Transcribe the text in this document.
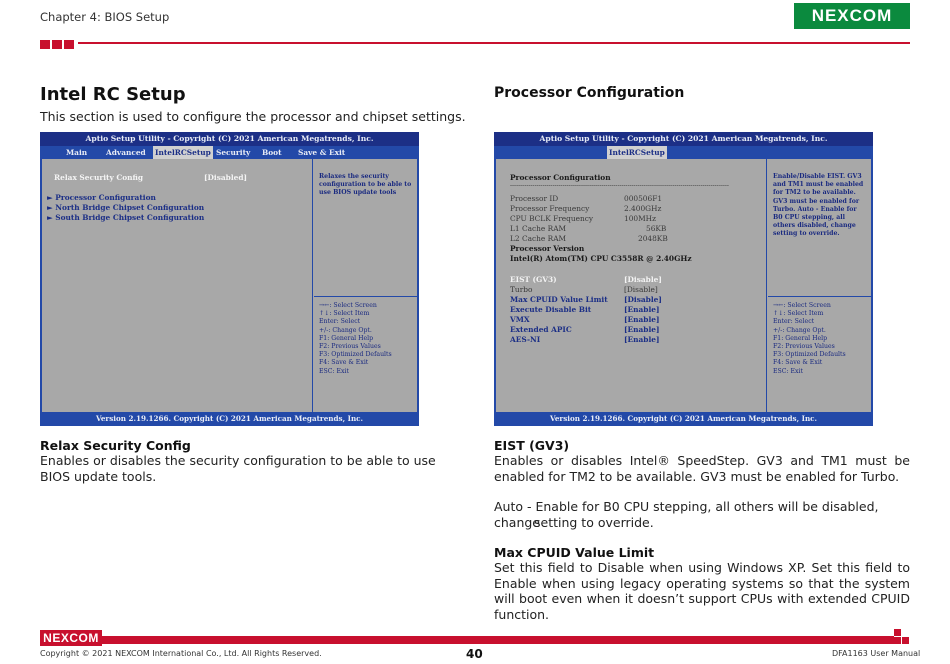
Chapter 4: BIOS Setup	NEXCOM
Intel RC Setup
This section is used to configure the processor and chipset settings.
Aptio Setup Utility - Copyright (C) 2021 American Megatrends, Inc.
Main	Advanced IntelRCSetup Security Boot Save & Exit
Relax Security Config	[Disabled]
► Processor Configuration
► North Bridge Chipset Configuration
► South Bridge Chipset Configuration
Relaxes the security configuration to be able to use BIOS update tools
→←: Select Screen
↑↓: Select Item
Enter: Select
+/-: Change Opt.
F1: General Help
F2: Previous Values
F3: Optimized Defaults
F4: Save & Exit
ESC: Exit
Version 2.19.1266. Copyright (C) 2021 American Megatrends, Inc.
Relax Security Config
Enables or disables the security configuration to be able to use BIOS update tools.
Processor Configuration
Aptio Setup Utility - Copyright (C) 2021 American Megatrends, Inc.
IntelRCSetup
Processor Configuration
------------------------------------------------------------------------------------------------------------
Processor ID	000506F1
Processor Frequency	2.400GHz
CPU BCLK Frequency	100MHz
L1 Cache RAM	56KB
L2 Cache RAM	2048KB
Processor Version
Intel(R) Atom(TM) CPU C3558R @ 2.40GHz
EIST (GV3)	[Disable]
Turbo	[Disable]
Max CPUID Value Limit [Disable]
Execute Disable Bit	[Enable]
VMX	[Enable]
Extended APIC	[Enable]
AES-NI	[Enable]
Enable/Disable EIST. GV3 and TM1 must be enabled for TM2 to be available. GV3 must be enabled for Turbo. Auto - Enable for B0 CPU stepping, all others disabled, change setting to override.
→←: Select Screen
↑↓: Select Item
Enter: Select
+/-: Change Opt.
F1: General Help
F2: Previous Values
F3: Optimized Defaults
F4: Save & Exit
ESC: Exit
Version 2.19.1266. Copyright (C) 2021 American Megatrends, Inc.
EIST (GV3)
Enables or disables Intel® SpeedStep. GV3 and TM1 must be enabled for TM2 to be available. GV3 must be enabled for Turbo.
Auto - Enable for B0 CPU stepping, all others will be disabled, change
setting to override.
Max CPUID Value Limit
Set this field to Disable when using Windows XP. Set this field to Enable when using legacy operating systems so that the system will boot even when it doesn’t support CPUs with extended CPUID function.
NEXCOM
Copyright © 2021 NEXCOM International Co., Ltd. All Rights Reserved.	40	DFA1163 User Manual
